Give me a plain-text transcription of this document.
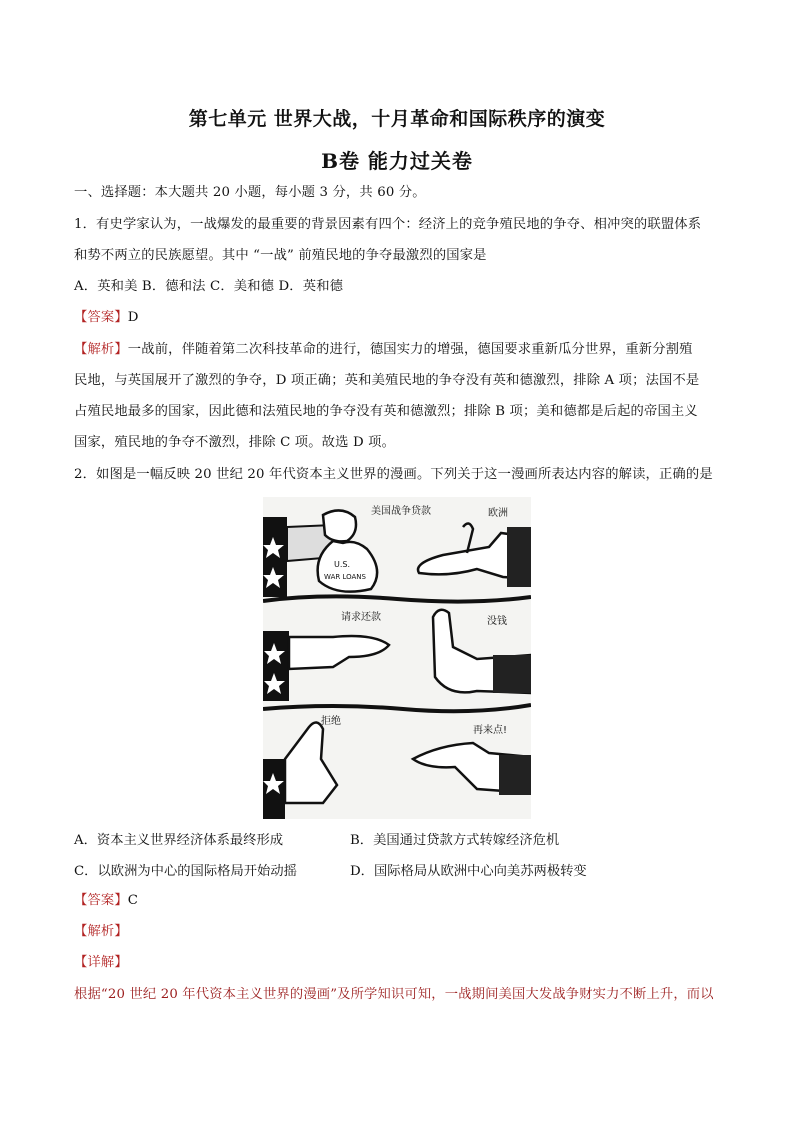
第七单元 世界大战，十月革命和国际秩序的演变
B卷 能力过关卷
一、选择题：本大题共 20 小题，每小题 3 分，共 60 分。
1．有史学家认为，一战爆发的最重要的背景因素有四个：经济上的竞争殖民地的争夺、相冲突的联盟体系
和势不两立的民族愿望。其中 “一战” 前殖民地的争夺最激烈的国家是
A．英和美 B．德和法 C．美和德 D．英和德
【答案】D
【解析】一战前，伴随着第二次科技革命的进行，德国实力的增强，德国要求重新瓜分世界，重新分割殖
民地，与英国展开了激烈的争夺，D 项正确；英和美殖民地的争夺没有英和德激烈，排除 A 项；法国不是
占殖民地最多的国家，因此德和法殖民地的争夺没有英和德激烈；排除 B 项；美和德都是后起的帝国主义
国家，殖民地的争夺不激烈，排除 C 项。故选 D 项。
2．如图是一幅反映 20 世纪 20 年代资本主义世界的漫画。下列关于这一漫画所表达内容的解读，正确的是
U.S.
WAR LOANS
美国战争贷款	欧洲
请求还款	没钱
拒绝
再来点!
A．资本主义世界经济体系最终形成	B．美国通过贷款方式转嫁经济危机
C．以欧洲为中心的国际格局开始动摇	D．国际格局从欧洲中心向美苏两极转变
【答案】C
【解析】
【详解】
根据“20 世纪 20 年代资本主义世界的漫画”及所学知识可知，一战期间美国大发战争财实力不断上升，而以
